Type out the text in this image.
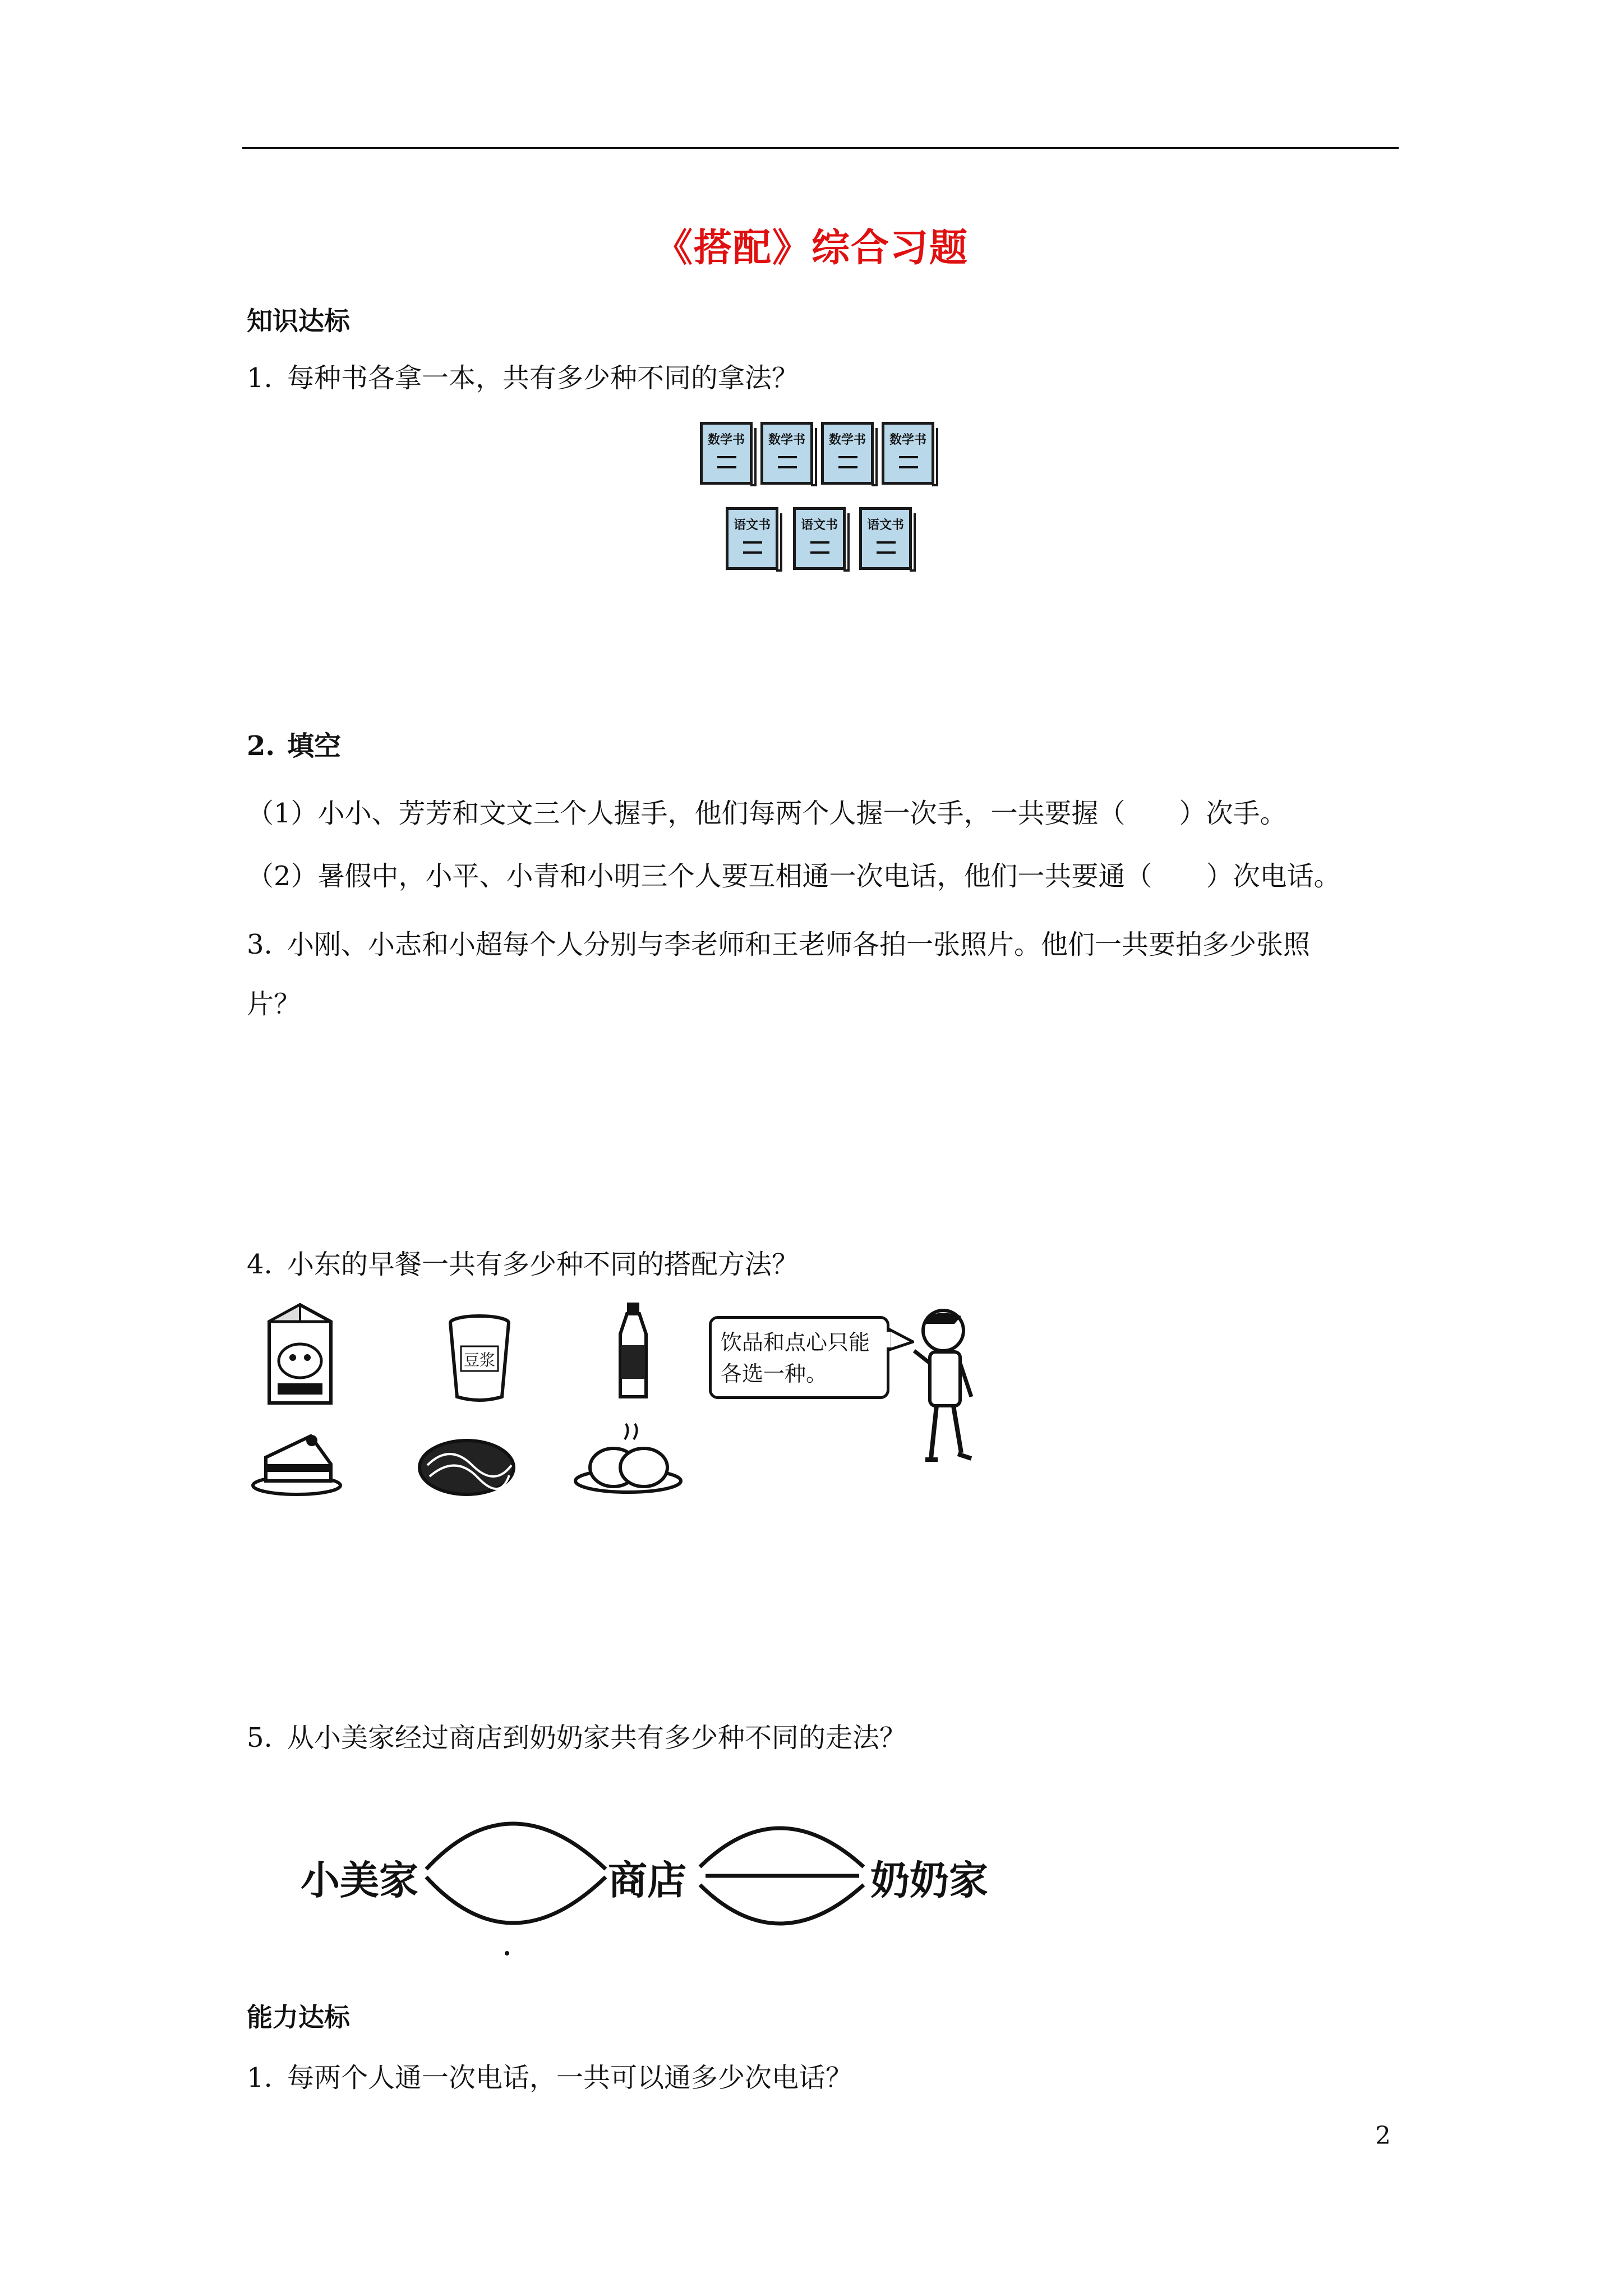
《搭配》综合习题
知识达标
1. 每种书各拿一本，共有多少种不同的拿法？
数学书	数学书	数学书	数学书
语文书	语文书	语文书
2. 填空
（1）小小、芳芳和文文三个人握手，他们每两个人握一次手，一共要握（　　）次手。
（2）暑假中，小平、小青和小明三个人要互相通一次电话，他们一共要通（　　）次电话。
3. 小刚、小志和小超每个人分别与李老师和王老师各拍一张照片。他们一共要拍多少张照
片？
4. 小东的早餐一共有多少种不同的搭配方法？
豆浆
饮品和点心只能
各选一种。
5. 从小美家经过商店到奶奶家共有多少种不同的走法？
小美家	商店	奶奶家
能力达标
1. 每两个人通一次电话，一共可以通多少次电话？
2
